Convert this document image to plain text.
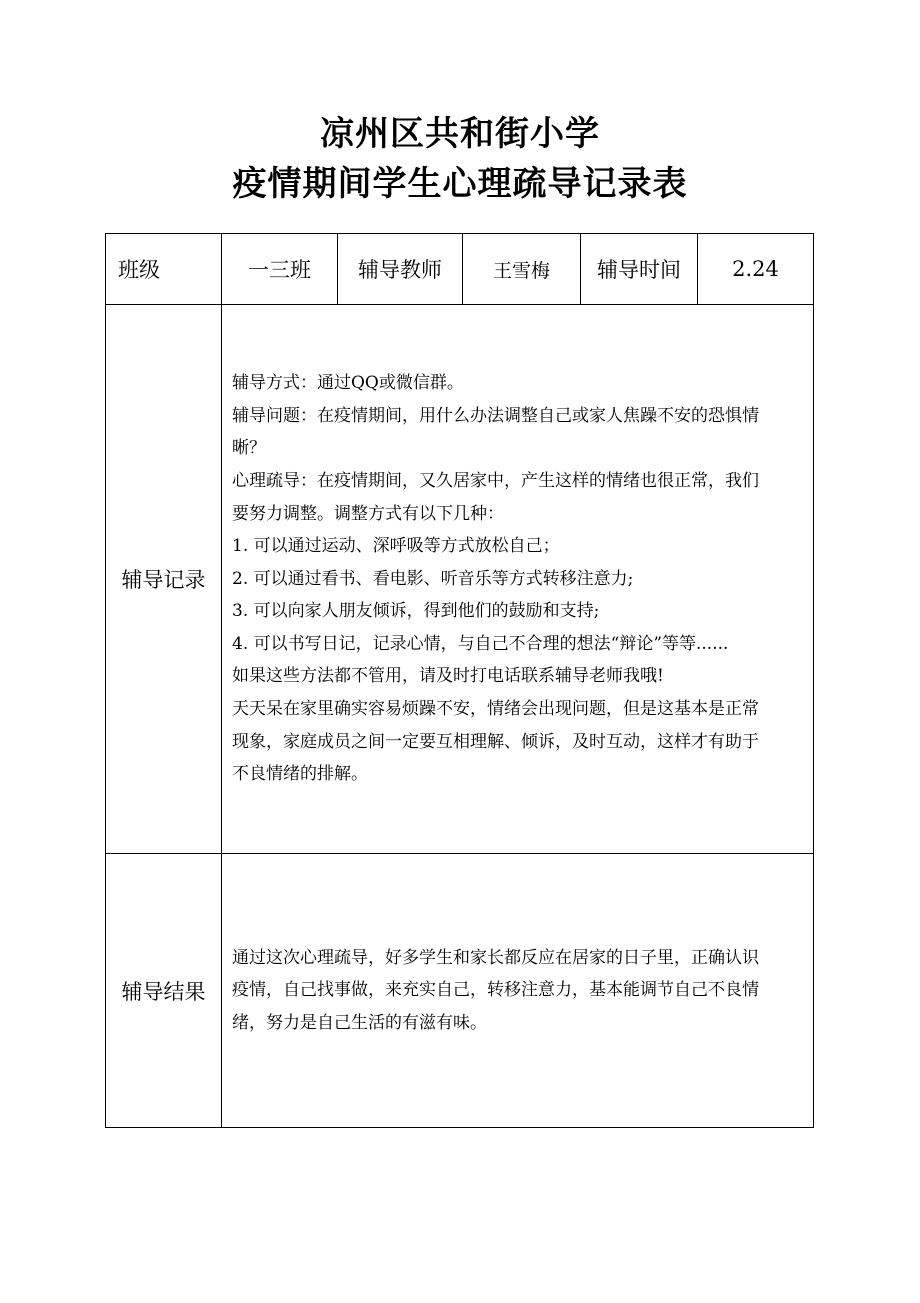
凉州区共和街小学
疫情期间学生心理疏导记录表
班级	一三班	辅导教师	王雪梅	辅导时间	2.24
辅导记录

辅导方式：通过QQ或微信群。

辅导问题：在疫情期间，用什么办法调整自己或家人焦躁不安的恐惧情

晰？

心理疏导：在疫情期间，又久居家中，产生这样的情绪也很正常，我们

要努力调整。调整方式有以下几种：

1. 可以通过运动、深呼吸等方式放松自己；

2. 可以通过看书、看电影、听音乐等方式转移注意力;

3. 可以向家人朋友倾诉，得到他们的鼓励和支持;

4. 可以书写日记，记录心情，与自己不合理的想法“辩论”等等......

如果这些方法都不管用，请及时打电话联系辅导老师我哦!

天天呆在家里确实容易烦躁不安，情绪会出现问题，但是这基本是正常

现象，家庭成员之间一定要互相理解、倾诉，及时互动，这样才有助于

不良情绪的排解。

辅导结果

通过这次心理疏导，好多学生和家长都反应在居家的日子里，正确认识

疫情，自己找事做，来充实自己，转移注意力，基本能调节自己不良情

绪，努力是自己生活的有滋有味。
